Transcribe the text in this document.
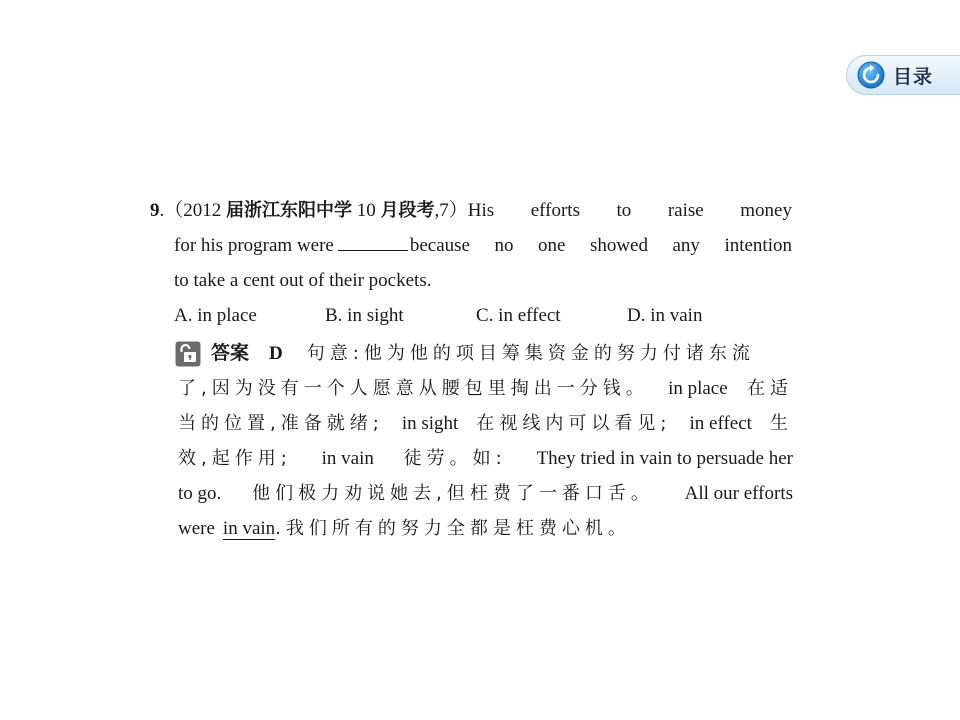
目录
9.（2012 届浙江东阳中学 10 月段考,7）His efforts to raise money
for his program were	because no one showed any intention
to take a cent out of their pockets.
A. in place	B. in sight	C. in effect	D. in vain
答案 D 句意:他为他的项目筹集资金的努力付诸东流
了,因为没有一个人愿意从腰包里掏出一分钱。 in place 在适
当的位置,准备就绪; in sight 在视线内可以看见; in effect 生
效,起作用; in vain 徒劳。如: They tried in vain to persuade her
to go. 他们极力劝说她去,但枉费了一番口舌。 All our efforts
were in vain .我们所有的努力全都是枉费心机。
